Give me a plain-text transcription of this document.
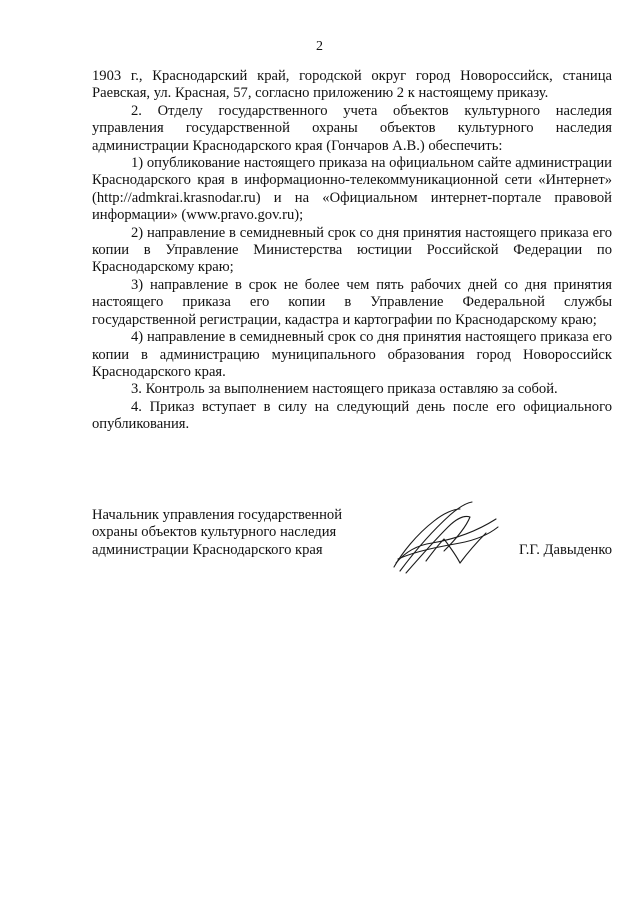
2

1903 г., Краснодарский край, городской округ город Новороссийск, станица Раевская, ул. Красная, 57, согласно приложению 2 к настоящему приказу.

2. Отделу государственного учета объектов культурного наследия управления государственной охраны объектов культурного наследия администрации Краснодарского края (Гончаров А.В.) обеспечить:

1) опубликование настоящего приказа на официальном сайте администрации Краснодарского края в информационно-телекоммуникационной сети «Интернет» (http://admkrai.krasnodar.ru) и на «Официальном интернет-портале правовой информации» (www.pravo.gov.ru);

2) направление в семидневный срок со дня принятия настоящего приказа его копии в Управление Министерства юстиции Российской Федерации по Краснодарскому краю;

3) направление в срок не более чем пять рабочих дней со дня принятия настоящего приказа его копии в Управление Федеральной службы государственной регистрации, кадастра и картографии по Краснодарскому краю;

4) направление в семидневный срок со дня принятия настоящего приказа его копии в администрацию муниципального образования город Новороссийск Краснодарского края.

3. Контроль за выполнением настоящего приказа оставляю за собой.

4. Приказ вступает в силу на следующий день после его официального опубликования.

Начальник управления государственной
охраны объектов культурного наследия
администрации Краснодарского края	Г.Г. Давыденко
